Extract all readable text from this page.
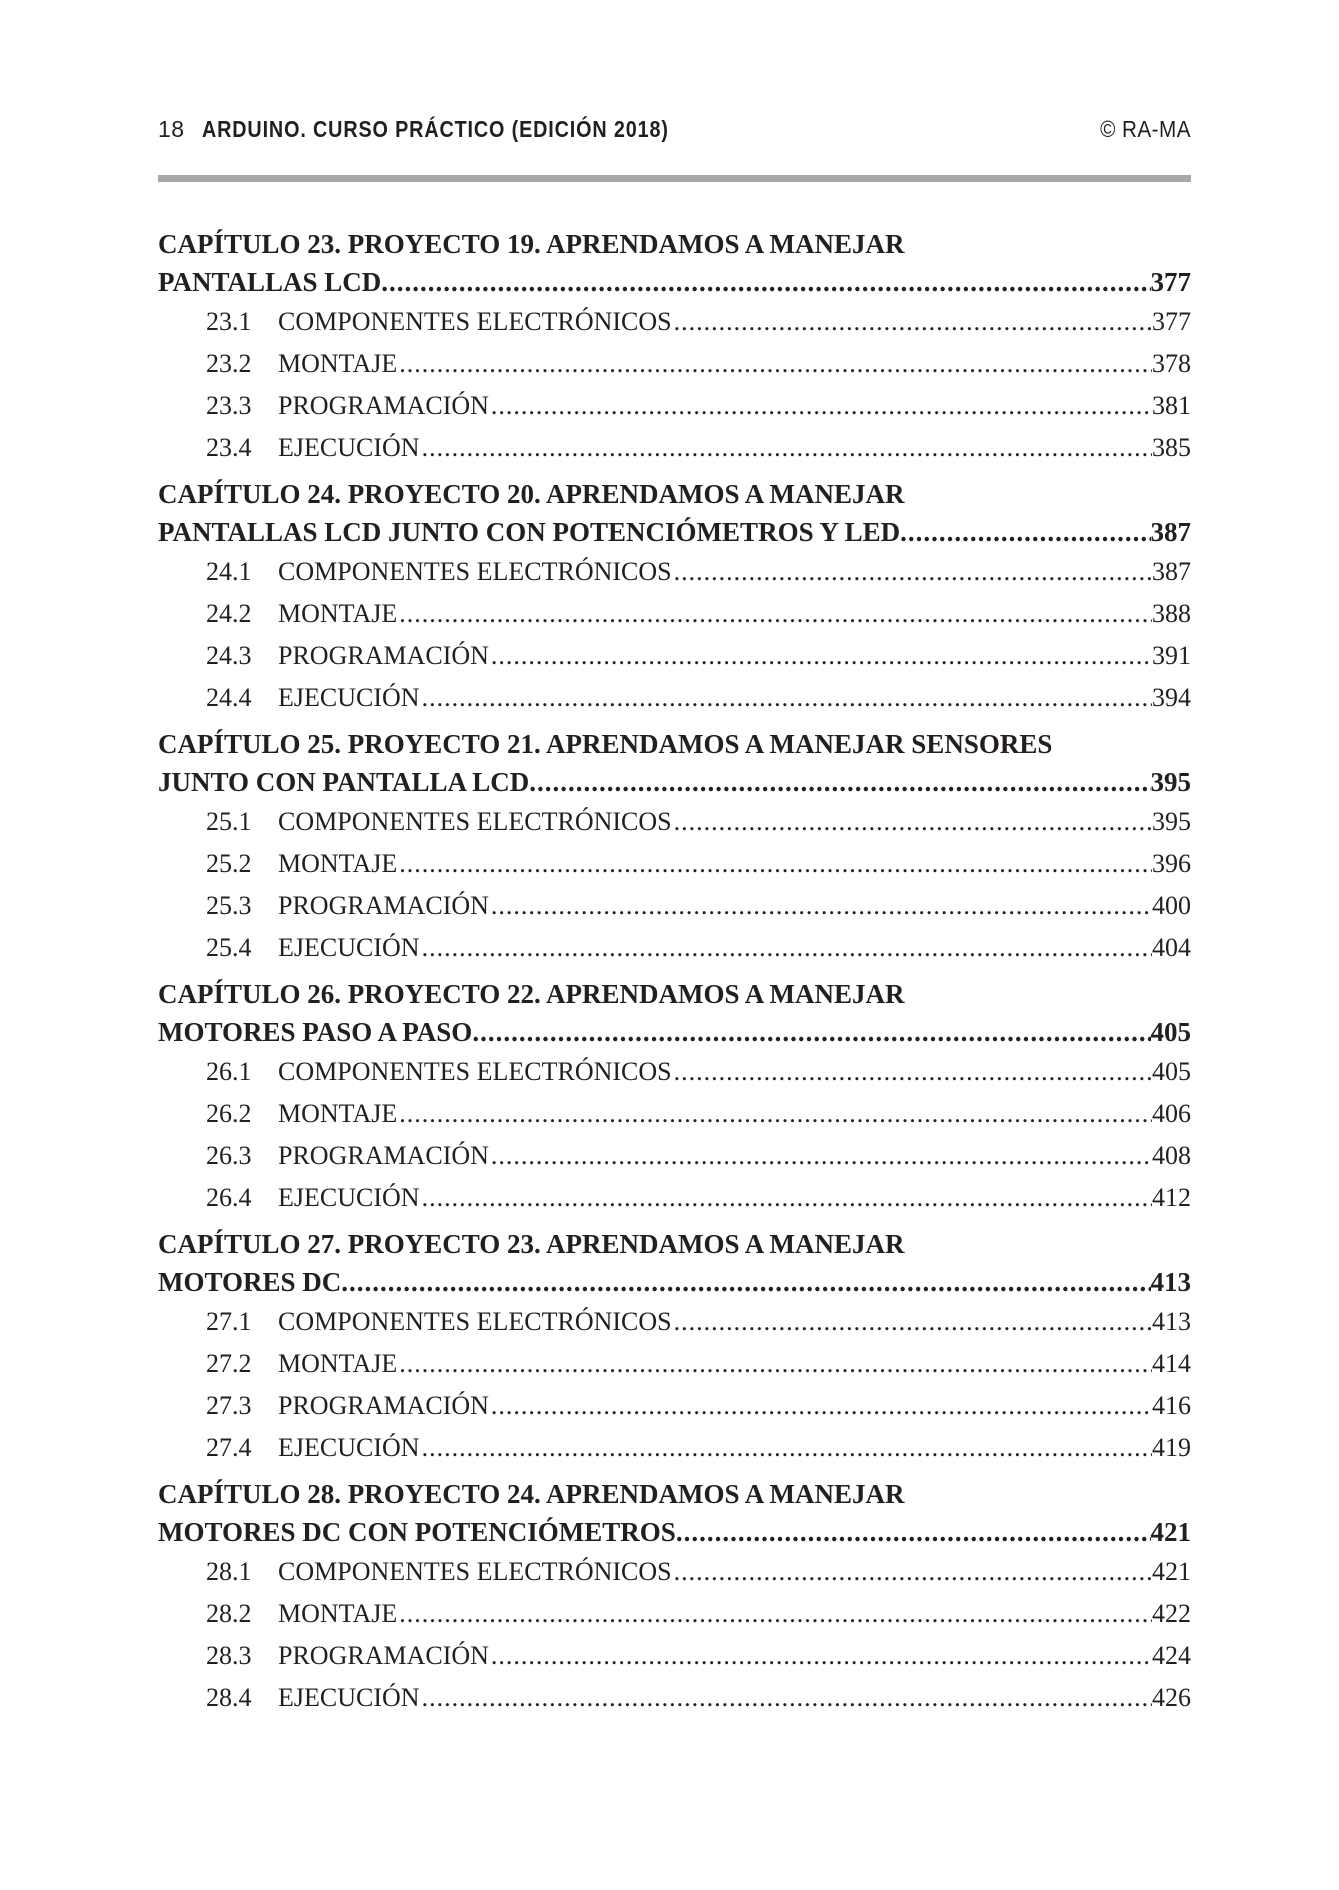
18 ARDUINO. CURSO PRÁCTICO (EDICIÓN 2018)	© RA-MA
CAPÍTULO 23. PROYECTO 19. APRENDAMOS A MANEJAR
PANTALLAS LCD .....	377
23.1	COMPONENTES ELECTRÓNICOS .....	377
23.2	MONTAJE .....	378
23.3	PROGRAMACIÓN .....	381
23.4	EJECUCIÓN .....	385
CAPÍTULO 24. PROYECTO 20. APRENDAMOS A MANEJAR
PANTALLAS LCD JUNTO CON POTENCIÓMETROS Y LED .....	387
24.1	COMPONENTES ELECTRÓNICOS .....	387
24.2	MONTAJE .....	388
24.3	PROGRAMACIÓN .....	391
24.4	EJECUCIÓN .....	394
CAPÍTULO 25. PROYECTO 21. APRENDAMOS A MANEJAR SENSORES
JUNTO CON PANTALLA LCD .....	395
25.1	COMPONENTES ELECTRÓNICOS .....	395
25.2	MONTAJE .....	396
25.3	PROGRAMACIÓN .....	400
25.4	EJECUCIÓN .....	404
CAPÍTULO 26. PROYECTO 22. APRENDAMOS A MANEJAR
MOTORES PASO A PASO .....	405
26.1	COMPONENTES ELECTRÓNICOS .....	405
26.2	MONTAJE .....	406
26.3	PROGRAMACIÓN .....	408
26.4	EJECUCIÓN .....	412
CAPÍTULO 27. PROYECTO 23. APRENDAMOS A MANEJAR
MOTORES DC .....	413
27.1	COMPONENTES ELECTRÓNICOS .....	413
27.2	MONTAJE .....	414
27.3	PROGRAMACIÓN .....	416
27.4	EJECUCIÓN .....	419
CAPÍTULO 28. PROYECTO 24. APRENDAMOS A MANEJAR
MOTORES DC CON POTENCIÓMETROS .....	421
28.1	COMPONENTES ELECTRÓNICOS .....	421
28.2	MONTAJE .....	422
28.3	PROGRAMACIÓN .....	424
28.4	EJECUCIÓN .....	426
